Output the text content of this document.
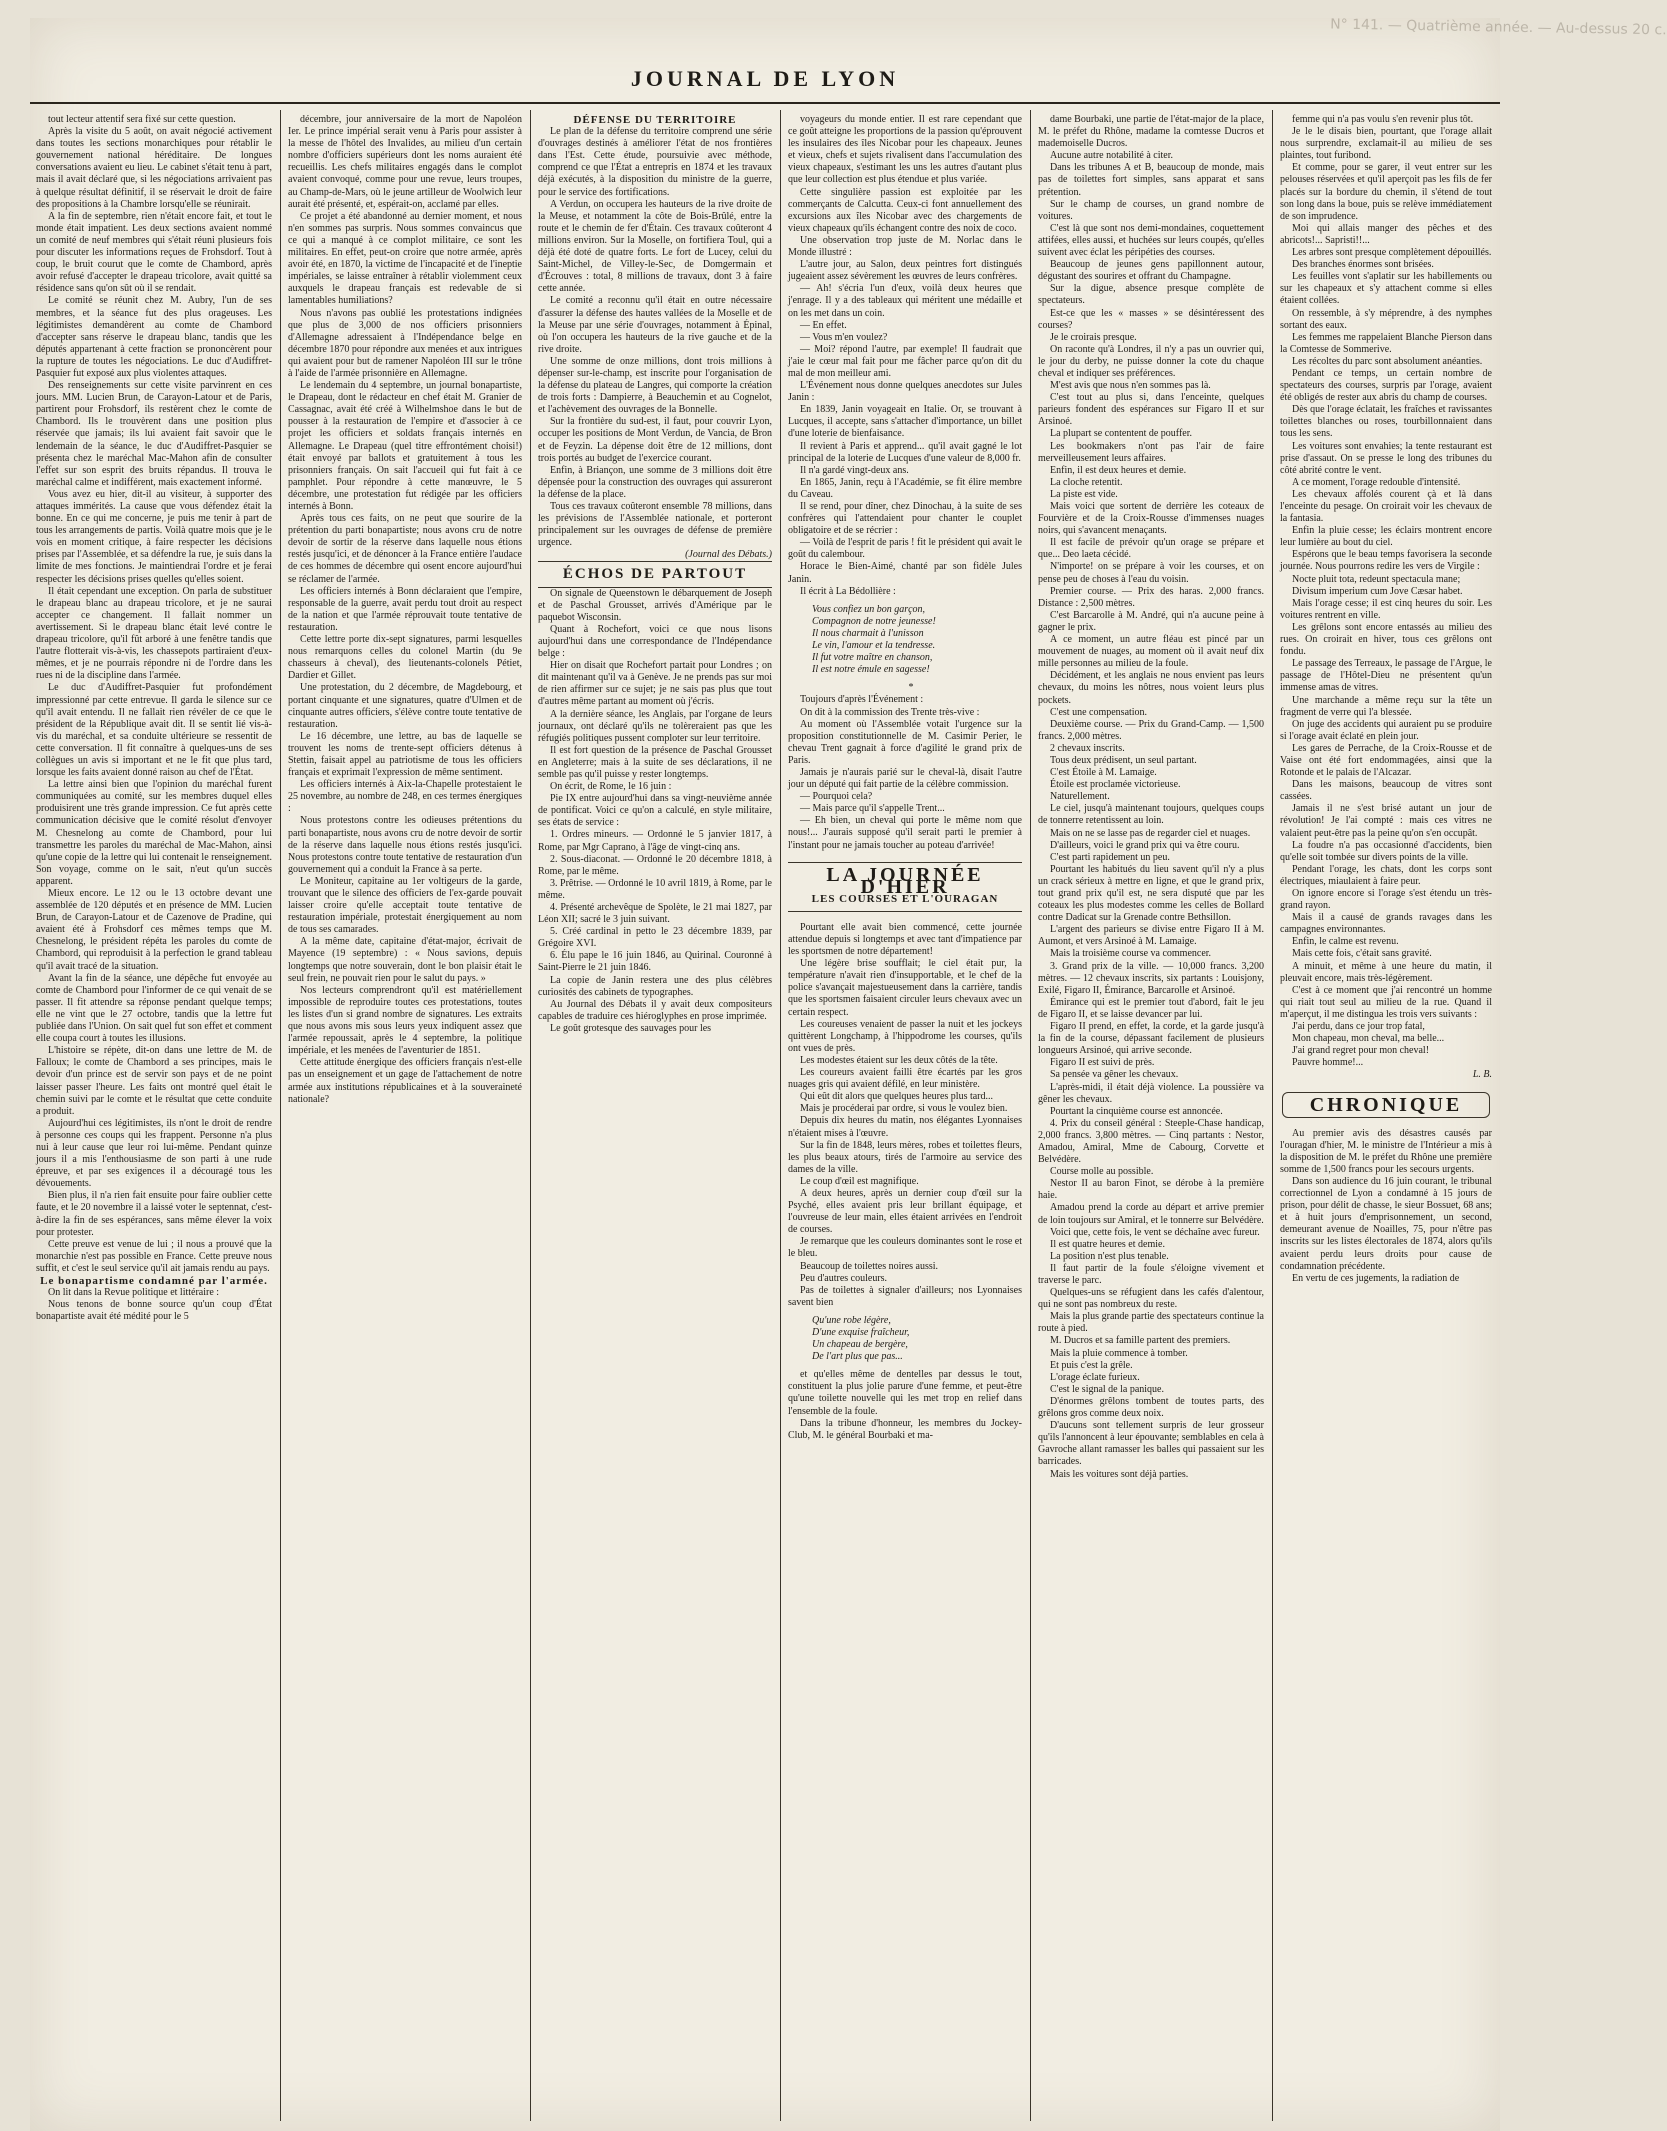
N° 141. — Quatrième année. — Au-dessus 20 c.
JOURNAL DE LYON

tout lecteur attentif sera fixé sur cette question.

Après la visite du 5 août, on avait négocié activement dans toutes les sections monarchiques pour rétablir le gouvernement national héréditaire. De longues conversations avaient eu lieu. Le cabinet s'était tenu à part, mais il avait déclaré que, si les négociations arrivaient pas à quelque résultat définitif, il se réservait le droit de faire des propositions à la Chambre lorsqu'elle se réunirait.

A la fin de septembre, rien n'était encore fait, et tout le monde était impatient. Les deux sections avaient nommé un comité de neuf membres qui s'était réuni plusieurs fois pour discuter les informations reçues de Frohsdorf. Tout à coup, le bruit courut que le comte de Chambord, après avoir refusé d'accepter le drapeau tricolore, avait quitté sa résidence sans qu'on sût où il se rendait.

Le comité se réunit chez M. Aubry, l'un de ses membres, et la séance fut des plus orageuses. Les légitimistes demandèrent au comte de Chambord d'accepter sans réserve le drapeau blanc, tandis que les députés appartenant à cette fraction se prononcèrent pour la rupture de toutes les négociations. Le duc d'Audiffret-Pasquier fut exposé aux plus violentes attaques.

Des renseignements sur cette visite parvinrent en ces jours. MM. Lucien Brun, de Carayon-Latour et de Paris, partirent pour Frohsdorf, ils restèrent chez le comte de Chambord. Ils le trouvèrent dans une position plus réservée que jamais; ils lui avaient fait savoir que le lendemain de la séance, le duc d'Audiffret-Pasquier se présenta chez le maréchal Mac-Mahon afin de consulter l'effet sur son esprit des bruits répandus. Il trouva le maréchal calme et indifférent, mais exactement informé.

Vous avez eu hier, dit-il au visiteur, à supporter des attaques immérités. La cause que vous défendez était la bonne. En ce qui me concerne, je puis me tenir à part de tous les arrangements de partis. Voilà quatre mois que je le vois en moment critique, à faire respecter les décisions prises par l'Assemblée, et sa défendre la rue, je suis dans la limite de mes fonctions. Je maintiendrai l'ordre et je ferai respecter les décisions prises quelles qu'elles soient.

Il était cependant une exception. On parla de substituer le drapeau blanc au drapeau tricolore, et je ne saurai accepter ce changement. Il fallait nommer un avertissement. Si le drapeau blanc était levé contre le drapeau tricolore, qu'il fût arboré à une fenêtre tandis que l'autre flotterait vis-à-vis, les chassepots partiraient d'eux-mêmes, et je ne pourrais répondre ni de l'ordre dans les rues ni de la discipline dans l'armée.

Le duc d'Audiffret-Pasquier fut profondément impressionné par cette entrevue. Il garda le silence sur ce qu'il avait entendu. Il ne fallait rien révéler de ce que le président de la République avait dit. Il se sentit lié vis-à-vis du maréchal, et sa conduite ultérieure se ressentit de cette conversation. Il fit connaître à quelques-uns de ses collègues un avis si important et ne le fit que plus tard, lorsque les faits avaient donné raison au chef de l'État.

La lettre ainsi bien que l'opinion du maréchal furent communiquées au comité, sur les membres duquel elles produisirent une très grande impression. Ce fut après cette communication décisive que le comité résolut d'envoyer M. Chesnelong au comte de Chambord, pour lui transmettre les paroles du maréchal de Mac-Mahon, ainsi qu'une copie de la lettre qui lui contenait le renseignement. Son voyage, comme on le sait, n'eut qu'un succès apparent.

Mieux encore. Le 12 ou le 13 octobre devant une assemblée de 120 députés et en présence de MM. Lucien Brun, de Carayon-Latour et de Cazenove de Pradine, qui avaient été à Frohsdorf ces mêmes temps que M. Chesnelong, le président répéta les paroles du comte de Chambord, qui reproduisit à la perfection le grand tableau qu'il avait tracé de la situation.

Avant la fin de la séance, une dépêche fut envoyée au comte de Chambord pour l'informer de ce qui venait de se passer. Il fit attendre sa réponse pendant quelque temps; elle ne vint que le 27 octobre, tandis que la lettre fut publiée dans l'Union. On sait quel fut son effet et comment elle coupa court à toutes les illusions.

L'histoire se répète, dit-on dans une lettre de M. de Falloux; le comte de Chambord a ses principes, mais le devoir d'un prince est de servir son pays et de ne point laisser passer l'heure. Les faits ont montré quel était le chemin suivi par le comte et le résultat que cette conduite a produit.

Aujourd'hui ces légitimistes, ils n'ont le droit de rendre à personne ces coups qui les frappent. Personne n'a plus nui à leur cause que leur roi lui-même. Pendant quinze jours il a mis l'enthousiasme de son parti à une rude épreuve, et par ses exigences il a découragé tous les dévouements.

Bien plus, il n'a rien fait ensuite pour faire oublier cette faute, et le 20 novembre il a laissé voter le septennat, c'est-à-dire la fin de ses espérances, sans même élever la voix pour protester.

Cette preuve est venue de lui ; il nous a prouvé que la monarchie n'est pas possible en France. Cette preuve nous suffit, et c'est le seul service qu'il ait jamais rendu au pays.

Le bonapartisme condamné par l'armée.

On lit dans la Revue politique et littéraire :

Nous tenons de bonne source qu'un coup d'État bonapartiste avait été médité pour le 5

décembre, jour anniversaire de la mort de Napoléon Ier. Le prince impérial serait venu à Paris pour assister à la messe de l'hôtel des Invalides, au milieu d'un certain nombre d'officiers supérieurs dont les noms auraient été recueillis. Les chefs militaires engagés dans le complot avaient convoqué, comme pour une revue, leurs troupes, au Champ-de-Mars, où le jeune artilleur de Woolwich leur aurait été présenté, et, espérait-on, acclamé par elles.

Ce projet a été abandonné au dernier moment, et nous n'en sommes pas surpris. Nous sommes convaincus que ce qui a manqué à ce complot militaire, ce sont les militaires. En effet, peut-on croire que notre armée, après avoir été, en 1870, la victime de l'incapacité et de l'ineptie impériales, se laisse entraîner à rétablir violemment ceux auxquels le drapeau français est redevable de si lamentables humiliations?

Nous n'avons pas oublié les protestations indignées que plus de 3,000 de nos officiers prisonniers d'Allemagne adressaient à l'Indépendance belge en décembre 1870 pour répondre aux menées et aux intrigues qui avaient pour but de ramener Napoléon III sur le trône à l'aide de l'armée prisonnière en Allemagne.

Le lendemain du 4 septembre, un journal bonapartiste, le Drapeau, dont le rédacteur en chef était M. Granier de Cassagnac, avait été créé à Wilhelmshoe dans le but de pousser à la restauration de l'empire et d'associer à ce projet les officiers et soldats français internés en Allemagne. Le Drapeau (quel titre effrontément choisi!) était envoyé par ballots et gratuitement à tous les prisonniers français. On sait l'accueil qui fut fait à ce pamphlet. Pour répondre à cette manœuvre, le 5 décembre, une protestation fut rédigée par les officiers internés à Bonn.

Après tous ces faits, on ne peut que sourire de la prétention du parti bonapartiste; nous avons cru de notre devoir de sortir de la réserve dans laquelle nous étions restés jusqu'ici, et de dénoncer à la France entière l'audace de ces hommes de décembre qui osent encore aujourd'hui se réclamer de l'armée.

Les officiers internés à Bonn déclaraient que l'empire, responsable de la guerre, avait perdu tout droit au respect de la nation et que l'armée réprouvait toute tentative de restauration.

Cette lettre porte dix-sept signatures, parmi lesquelles nous remarquons celles du colonel Martin (du 9e chasseurs à cheval), des lieutenants-colonels Pétiet, Dardier et Gillet.

Une protestation, du 2 décembre, de Magdebourg, et portant cinquante et une signatures, quatre d'Ulmen et de cinquante autres officiers, s'élève contre toute tentative de restauration.

Le 16 décembre, une lettre, au bas de laquelle se trouvent les noms de trente-sept officiers détenus à Stettin, faisait appel au patriotisme de tous les officiers français et exprimait l'expression de même sentiment.

Les officiers internés à Aix-la-Chapelle protestaient le 25 novembre, au nombre de 248, en ces termes énergiques :

Nous protestons contre les odieuses prétentions du parti bonapartiste, nous avons cru de notre devoir de sortir de la réserve dans laquelle nous étions restés jusqu'ici. Nous protestons contre toute tentative de restauration d'un gouvernement qui a conduit la France à sa perte.

Le Moniteur, capitaine au 1er voltigeurs de la garde, trouvant que le silence des officiers de l'ex-garde pouvait laisser croire qu'elle acceptait toute tentative de restauration impériale, protestait énergiquement au nom de tous ses camarades.

A la même date, capitaine d'état-major, écrivait de Mayence (19 septembre) : « Nous savions, depuis longtemps que notre souverain, dont le bon plaisir était le seul frein, ne pouvait rien pour le salut du pays. »

Nos lecteurs comprendront qu'il est matériellement impossible de reproduire toutes ces protestations, toutes les listes d'un si grand nombre de signatures. Les extraits que nous avons mis sous leurs yeux indiquent assez que l'armée repoussait, après le 4 septembre, la politique impériale, et les menées de l'aventurier de 1851.

Cette attitude énergique des officiers français n'est-elle pas un enseignement et un gage de l'attachement de notre armée aux institutions républicaines et à la souveraineté nationale?

DÉFENSE DU TERRITOIRE

Le plan de la défense du territoire comprend une série d'ouvrages destinés à améliorer l'état de nos frontières dans l'Est. Cette étude, poursuivie avec méthode, comprend ce que l'État a entrepris en 1874 et les travaux déjà exécutés, à la disposition du ministre de la guerre, pour le service des fortifications.

A Verdun, on occupera les hauteurs de la rive droite de la Meuse, et notamment la côte de Bois-Brûlé, entre la route et le chemin de fer d'Étain. Ces travaux coûteront 4 millions environ. Sur la Moselle, on fortifiera Toul, qui a déjà été doté de quatre forts. Le fort de Lucey, celui du Saint-Michel, de Villey-le-Sec, de Domgermain et d'Écrouves : total, 8 millions de travaux, dont 3 à faire cette année.

Le comité a reconnu qu'il était en outre nécessaire d'assurer la défense des hautes vallées de la Moselle et de la Meuse par une série d'ouvrages, notamment à Épinal, où l'on occupera les hauteurs de la rive gauche et de la rive droite.

Une somme de onze millions, dont trois millions à dépenser sur-le-champ, est inscrite pour l'organisation de la défense du plateau de Langres, qui comporte la création de trois forts : Dampierre, à Beauchemin et au Cognelot, et l'achèvement des ouvrages de la Bonnelle.

Sur la frontière du sud-est, il faut, pour couvrir Lyon, occuper les positions de Mont Verdun, de Vancia, de Bron et de Feyzin. La dépense doit être de 12 millions, dont trois portés au budget de l'exercice courant.

Enfin, à Briançon, une somme de 3 millions doit être dépensée pour la construction des ouvrages qui assureront la défense de la place.

Tous ces travaux coûteront ensemble 78 millions, dans les prévisions de l'Assemblée nationale, et porteront principalement sur les ouvrages de défense de première urgence.

(Journal des Débats.)

ÉCHOS DE PARTOUT

On signale de Queenstown le débarquement de Joseph et de Paschal Grousset, arrivés d'Amérique par le paquebot Wisconsin.

Quant à Rochefort, voici ce que nous lisons aujourd'hui dans une correspondance de l'Indépendance belge :

Hier on disait que Rochefort partait pour Londres ; on dit maintenant qu'il va à Genève. Je ne prends pas sur moi de rien affirmer sur ce sujet; je ne sais pas plus que tout d'autres même partant au moment où j'écris.

A la dernière séance, les Anglais, par l'organe de leurs journaux, ont déclaré qu'ils ne tolèreraient pas que les réfugiés politiques pussent comploter sur leur territoire.

Il est fort question de la présence de Paschal Grousset en Angleterre; mais à la suite de ses déclarations, il ne semble pas qu'il puisse y rester longtemps.

On écrit, de Rome, le 16 juin :

Pie IX entre aujourd'hui dans sa vingt-neuvième année de pontificat. Voici ce qu'on a calculé, en style militaire, ses états de service :

1. Ordres mineurs. — Ordonné le 5 janvier 1817, à Rome, par Mgr Caprano, à l'âge de vingt-cinq ans.

2. Sous-diaconat. — Ordonné le 20 décembre 1818, à Rome, par le même.

3. Prêtrise. — Ordonné le 10 avril 1819, à Rome, par le même.

4. Présenté archevêque de Spolète, le 21 mai 1827, par Léon XII; sacré le 3 juin suivant.

5. Créé cardinal in petto le 23 décembre 1839, par Grégoire XVI.

6. Élu pape le 16 juin 1846, au Quirinal. Couronné à Saint-Pierre le 21 juin 1846.

La copie de Janin restera une des plus célèbres curiosités des cabinets de typographes.

Au Journal des Débats il y avait deux compositeurs capables de traduire ces hiéroglyphes en prose imprimée.

Le goût grotesque des sauvages pour les

voyageurs du monde entier. Il est rare cependant que ce goût atteigne les proportions de la passion qu'éprouvent les insulaires des îles Nicobar pour les chapeaux. Jeunes et vieux, chefs et sujets rivalisent dans l'accumulation des vieux chapeaux, s'estimant les uns les autres d'autant plus que leur collection est plus étendue et plus variée.

Cette singulière passion est exploitée par les commerçants de Calcutta. Ceux-ci font annuellement des excursions aux îles Nicobar avec des chargements de vieux chapeaux qu'ils échangent contre des noix de coco.

Une observation trop juste de M. Norlac dans le Monde illustré :

L'autre jour, au Salon, deux peintres fort distingués jugeaient assez sévèrement les œuvres de leurs confrères.

— Ah! s'écria l'un d'eux, voilà deux heures que j'enrage. Il y a des tableaux qui méritent une médaille et on les met dans un coin.

— En effet.

— Vous m'en voulez?

— Moi? répond l'autre, par exemple! Il faudrait que j'aie le cœur mal fait pour me fâcher parce qu'on dit du mal de mon meilleur ami.

L'Événement nous donne quelques anecdotes sur Jules Janin :

En 1839, Janin voyageait en Italie. Or, se trouvant à Lucques, il accepte, sans s'attacher d'importance, un billet d'une loterie de bienfaisance.

Il revient à Paris et apprend... qu'il avait gagné le lot principal de la loterie de Lucques d'une valeur de 8,000 fr.

Il n'a gardé vingt-deux ans.

En 1865, Janin, reçu à l'Académie, se fit élire membre du Caveau.

Il se rend, pour dîner, chez Dinochau, à la suite de ses confrères qui l'attendaient pour chanter le couplet obligatoire et de se récrier :

— Voilà de l'esprit de paris ! fit le président qui avait le goût du calembour.

Horace le Bien-Aimé, chanté par son fidèle Jules Janin.

Il écrit à La Bédollière :

Vous confiez un bon garçon,
Compagnon de notre jeunesse!
Il nous charmait à l'unisson
Le vin, l'amour et la tendresse.
Il fut votre maître en chanson,
Il est notre émule en sagesse!

*

Toujours d'après l'Événement :

On dit à la commission des Trente très-vive :

Au moment où l'Assemblée votait l'urgence sur la proposition constitutionnelle de M. Casimir Perier, le chevau Trent gagnait à force d'agilité le grand prix de Paris.

Jamais je n'aurais parié sur le cheval-là, disait l'autre jour un député qui fait partie de la célèbre commission.

— Pourquoi cela?

— Mais parce qu'il s'appelle Trent...

— Eh bien, un cheval qui porte le même nom que nous!... J'aurais supposé qu'il serait parti le premier à l'instant pour ne jamais toucher au poteau d'arrivée!

LA JOURNÉE D'HIER

LES COURSES ET L'OURAGAN

Pourtant elle avait bien commencé, cette journée attendue depuis si longtemps et avec tant d'impatience par les sportsmen de notre département!

Une légère brise soufflait; le ciel était pur, la température n'avait rien d'insupportable, et le chef de la police s'avançait majestueusement dans la carrière, tandis que les sportsmen faisaient circuler leurs chevaux avec un certain respect.

Les coureuses venaient de passer la nuit et les jockeys quittèrent Longchamp, à l'hippodrome les courses, qu'ils ont vues de près.

Les modestes étaient sur les deux côtés de la tête.

Les coureurs avaient failli être écartés par les gros nuages gris qui avaient défilé, en leur ministère.

Qui eût dit alors que quelques heures plus tard...

Mais je procéderai par ordre, si vous le voulez bien.

Depuis dix heures du matin, nos élégantes Lyonnaises n'étaient mises à l'œuvre.

Sur la fin de 1848, leurs mères, robes et toilettes fleurs, les plus beaux atours, tirés de l'armoire au service des dames de la ville.

Le coup d'œil est magnifique.

A deux heures, après un dernier coup d'œil sur la Psyché, elles avaient pris leur brillant équipage, et l'ouvreuse de leur main, elles étaient arrivées en l'endroit de courses.

Je remarque que les couleurs dominantes sont le rose et le bleu.

Beaucoup de toilettes noires aussi.

Peu d'autres couleurs.

Pas de toilettes à signaler d'ailleurs; nos Lyonnaises savent bien

Qu'une robe légère,
D'une exquise fraîcheur,
Un chapeau de bergère,
De l'art plus que pas...

et qu'elles même de dentelles par dessus le tout, constituent la plus jolie parure d'une femme, et peut-être qu'une toilette nouvelle qui les met trop en relief dans l'ensemble de la foule.

Dans la tribune d'honneur, les membres du Jockey-Club, M. le général Bourbaki et ma-

dame Bourbaki, une partie de l'état-major de la place, M. le préfet du Rhône, madame la comtesse Ducros et mademoiselle Ducros.

Aucune autre notabilité à citer.

Dans les tribunes A et B, beaucoup de monde, mais pas de toilettes fort simples, sans apparat et sans prétention.

Sur le champ de courses, un grand nombre de voitures.

C'est là que sont nos demi-mondaines, coquettement attifées, elles aussi, et huchées sur leurs coupés, qu'elles suivent avec éclat les péripéties des courses.

Beaucoup de jeunes gens papillonnent autour, dégustant des sourires et offrant du Champagne.

Sur la digue, absence presque complète de spectateurs.

Est-ce que les « masses » se désintéressent des courses?

Je le croirais presque.

On raconte qu'à Londres, il n'y a pas un ouvrier qui, le jour du derby, ne puisse donner la cote du chaque cheval et indiquer ses préférences.

M'est avis que nous n'en sommes pas là.

C'est tout au plus si, dans l'enceinte, quelques parieurs fondent des espérances sur Figaro II et sur Arsinoé.

La plupart se contentent de pouffer.

Les bookmakers n'ont pas l'air de faire merveilleusement leurs affaires.

Enfin, il est deux heures et demie.

La cloche retentit.

La piste est vide.

Mais voici que sortent de derrière les coteaux de Fourvière et de la Croix-Rousse d'immenses nuages noirs, qui s'avancent menaçants.

Il est facile de prévoir qu'un orage se prépare et que... Deo laeta cécidé.

N'importe! on se prépare à voir les courses, et on pense peu de choses à l'eau du voisin.

Premier course. — Prix des haras. 2,000 francs. Distance : 2,500 mètres.

C'est Barcarolle à M. André, qui n'a aucune peine à gagner le prix.

A ce moment, un autre fléau est pincé par un mouvement de nuages, au moment où il avait neuf dix mille personnes au milieu de la foule.

Décidément, et les anglais ne nous envient pas leurs chevaux, du moins les nôtres, nous voient leurs plus pockets.

C'est une compensation.

Deuxième course. — Prix du Grand-Camp. — 1,500 francs. 2,000 mètres.

2 chevaux inscrits.

Tous deux prédisent, un seul partant.

C'est Étoile à M. Lamaige.

Étoile est proclamée victorieuse.

Naturellement.

Le ciel, jusqu'à maintenant toujours, quelques coups de tonnerre retentissent au loin.

Mais on ne se lasse pas de regarder ciel et nuages.

D'ailleurs, voici le grand prix qui va être couru.

C'est parti rapidement un peu.

Pourtant les habitués du lieu savent qu'il n'y a plus un crack sérieux à mettre en ligne, et que le grand prix, tout grand prix qu'il est, ne sera disputé que par les coteaux les plus modestes comme les celles de Bollard contre Dadicat sur la Grenade contre Bethsillon.

L'argent des parieurs se divise entre Figaro II à M. Aumont, et vers Arsinoé à M. Lamaige.

Mais la troisième course va commencer.

3. Grand prix de la ville. — 10,000 francs. 3,200 mètres. — 12 chevaux inscrits, six partants : Louisjony, Exilé, Figaro II, Émirance, Barcarolle et Arsinoé.

Émirance qui est le premier tout d'abord, fait le jeu de Figaro II, et se laisse devancer par lui.

Figaro II prend, en effet, la corde, et la garde jusqu'à la fin de la course, dépassant facilement de plusieurs longueurs Arsinoé, qui arrive seconde.

Figaro II est suivi de près.

Sa pensée va gêner les chevaux.

L'après-midi, il était déjà violence. La poussière va gêner les chevaux.

Pourtant la cinquième course est annoncée.

4. Prix du conseil général : Steeple-Chase handicap, 2,000 francs. 3,800 mètres. — Cinq partants : Nestor, Amadou, Amiral, Mme de Cabourg, Corvette et Belvédère.

Course molle au possible.

Nestor II au baron Finot, se dérobe à la première haie.

Amadou prend la corde au départ et arrive premier de loin toujours sur Amiral, et le tonnerre sur Belvédère.

Voici que, cette fois, le vent se déchaîne avec fureur.

Il est quatre heures et demie.

La position n'est plus tenable.

Il faut partir de la foule s'éloigne vivement et traverse le parc.

Quelques-uns se réfugient dans les cafés d'alentour, qui ne sont pas nombreux du reste.

Mais la plus grande partie des spectateurs continue la route à pied.

M. Ducros et sa famille partent des premiers.

Mais la pluie commence à tomber.

Et puis c'est la grêle.

L'orage éclate furieux.

C'est le signal de la panique.

D'énormes grêlons tombent de toutes parts, des grêlons gros comme deux noix.

D'aucuns sont tellement surpris de leur grosseur qu'ils l'annoncent à leur épouvante; semblables en cela à Gavroche allant ramasser les balles qui passaient sur les barricades.

Mais les voitures sont déjà parties.

femme qui n'a pas voulu s'en revenir plus tôt.

Je le le disais bien, pourtant, que l'orage allait nous surprendre, exclamait-il au milieu de ses plaintes, tout furibond.

Et comme, pour se garer, il veut entrer sur les pelouses réservées et qu'il aperçoit pas les fils de fer placés sur la bordure du chemin, il s'étend de tout son long dans la boue, puis se relève immédiatement de son imprudence.

Moi qui allais manger des pêches et des abricots!... Sapristi!!...

Les arbres sont presque complètement dépouillés.

Des branches énormes sont brisées.

Les feuilles vont s'aplatir sur les habillements ou sur les chapeaux et s'y attachent comme si elles étaient collées.

On ressemble, à s'y méprendre, à des nymphes sortant des eaux.

Les femmes me rappelaient Blanche Pierson dans la Comtesse de Sommerive.

Les récoltes du parc sont absolument anéanties.

Pendant ce temps, un certain nombre de spectateurs des courses, surpris par l'orage, avaient été obligés de rester aux abris du champ de courses.

Dès que l'orage éclatait, les fraîches et ravissantes toilettes blanches ou roses, tourbillonnaient dans tous les sens.

Les voitures sont envahies; la tente restaurant est prise d'assaut. On se presse le long des tribunes du côté abrité contre le vent.

A ce moment, l'orage redouble d'intensité.

Les chevaux affolés courent çà et là dans l'enceinte du pesage. On croirait voir les chevaux de la fantasia.

Enfin la pluie cesse; les éclairs montrent encore leur lumière au bout du ciel.

Espérons que le beau temps favorisera la seconde journée. Nous pourrons redire les vers de Virgile :

Nocte pluit tota, redeunt spectacula mane;

Divisum imperium cum Jove Cæsar habet.

Mais l'orage cesse; il est cinq heures du soir. Les voitures rentrent en ville.

Les grêlons sont encore entassés au milieu des rues. On croirait en hiver, tous ces grêlons ont fondu.

Le passage des Terreaux, le passage de l'Argue, le passage de l'Hôtel-Dieu ne présentent qu'un immense amas de vitres.

Une marchande a même reçu sur la tête un fragment de verre qui l'a blessée.

On juge des accidents qui auraient pu se produire si l'orage avait éclaté en plein jour.

Les gares de Perrache, de la Croix-Rousse et de Vaise ont été fort endommagées, ainsi que la Rotonde et le palais de l'Alcazar.

Dans les maisons, beaucoup de vitres sont cassées.

Jamais il ne s'est brisé autant un jour de révolution! Je l'ai compté : mais ces vitres ne valaient peut-être pas la peine qu'on s'en occupât.

La foudre n'a pas occasionné d'accidents, bien qu'elle soit tombée sur divers points de la ville.

Pendant l'orage, les chats, dont les corps sont électriques, miaulaient à faire peur.

On ignore encore si l'orage s'est étendu un très-grand rayon.

Mais il a causé de grands ravages dans les campagnes environnantes.

Enfin, le calme est revenu.

Mais cette fois, c'était sans gravité.

A minuit, et même à une heure du matin, il pleuvait encore, mais très-légèrement.

C'est à ce moment que j'ai rencontré un homme qui riait tout seul au milieu de la rue. Quand il m'aperçut, il me distingua les trois vers suivants :

J'ai perdu, dans ce jour trop fatal,

Mon chapeau, mon cheval, ma belle...

J'ai grand regret pour mon cheval!

Pauvre homme!...

L. B.

CHRONIQUE

Au premier avis des désastres causés par l'ouragan d'hier, M. le ministre de l'Intérieur a mis à la disposition de M. le préfet du Rhône une première somme de 1,500 francs pour les secours urgents.

Dans son audience du 16 juin courant, le tribunal correctionnel de Lyon a condamné à 15 jours de prison, pour délit de chasse, le sieur Bossuet, 68 ans; et à huit jours d'emprisonnement, un second, demeurant avenue de Noailles, 75, pour n'être pas inscrits sur les listes électorales de 1874, alors qu'ils avaient perdu leurs droits pour cause de condamnation précédente.

En vertu de ces jugements, la radiation de
